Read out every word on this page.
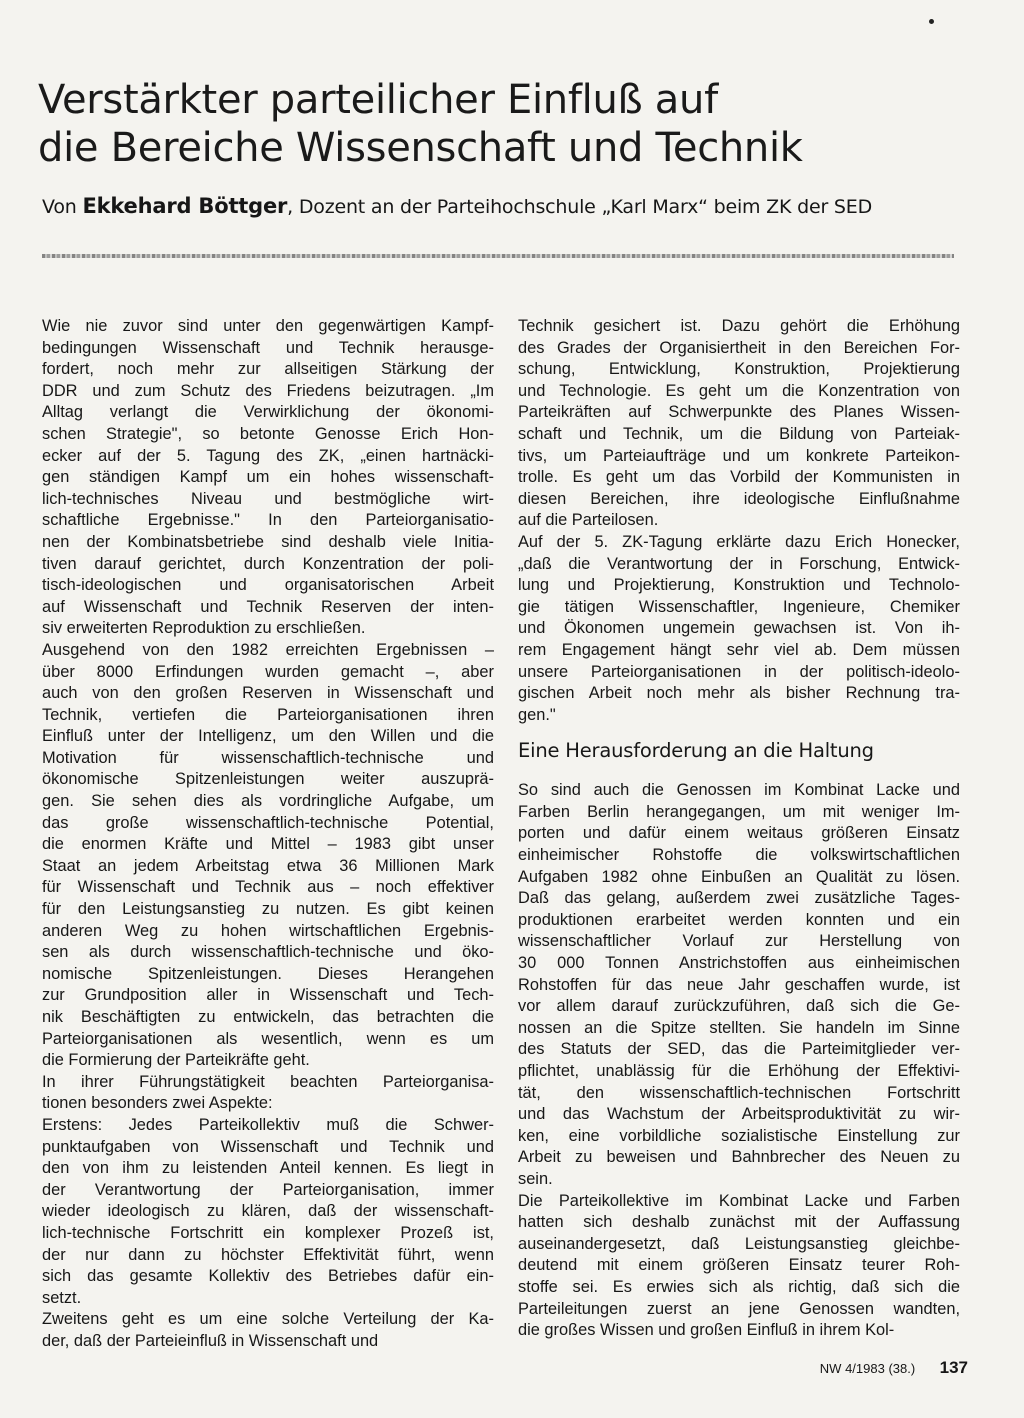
Verstärkter parteilicher Einfluß auf
die Bereiche Wissenschaft und Technik
Von Ekkehard Böttger, Dozent an der Parteihochschule „Karl Marx“ beim ZK der SED
Wie nie zuvor sind unter den gegenwärtigen Kampf-
bedingungen Wissenschaft und Technik herausge-
fordert, noch mehr zur allseitigen Stärkung der
DDR und zum Schutz des Friedens beizutragen. „Im
Alltag verlangt die Verwirklichung der ökonomi-
schen Strategie", so betonte Genosse Erich Hon-
ecker auf der 5. Tagung des ZK, „einen hartnäcki-
gen ständigen Kampf um ein hohes wissenschaft-
lich-technisches Niveau und bestmögliche wirt-
schaftliche Ergebnisse." In den Parteiorganisatio-
nen der Kombinatsbetriebe sind deshalb viele Initia-
tiven darauf gerichtet, durch Konzentration der poli-
tisch-ideologischen und organisatorischen Arbeit
auf Wissenschaft und Technik Reserven der inten-
siv erweiterten Reproduktion zu erschließen.
Ausgehend von den 1982 erreichten Ergebnissen –
über 8000 Erfindungen wurden gemacht –, aber
auch von den großen Reserven in Wissenschaft und
Technik, vertiefen die Parteiorganisationen ihren
Einfluß unter der Intelligenz, um den Willen und die
Motivation für wissenschaftlich-technische und
ökonomische Spitzenleistungen weiter auszuprä-
gen. Sie sehen dies als vordringliche Aufgabe, um
das große wissenschaftlich-technische Potential,
die enormen Kräfte und Mittel – 1983 gibt unser
Staat an jedem Arbeitstag etwa 36 Millionen Mark
für Wissenschaft und Technik aus – noch effektiver
für den Leistungsanstieg zu nutzen. Es gibt keinen
anderen Weg zu hohen wirtschaftlichen Ergebnis-
sen als durch wissenschaftlich-technische und öko-
nomische Spitzenleistungen. Dieses Herangehen
zur Grundposition aller in Wissenschaft und Tech-
nik Beschäftigten zu entwickeln, das betrachten die
Parteiorganisationen als wesentlich, wenn es um
die Formierung der Parteikräfte geht.
In ihrer Führungstätigkeit beachten Parteiorganisa-
tionen besonders zwei Aspekte:
Erstens: Jedes Parteikollektiv muß die Schwer-
punktaufgaben von Wissenschaft und Technik und
den von ihm zu leistenden Anteil kennen. Es liegt in
der Verantwortung der Parteiorganisation, immer
wieder ideologisch zu klären, daß der wissenschaft-
lich-technische Fortschritt ein komplexer Prozeß ist,
der nur dann zu höchster Effektivität führt, wenn
sich das gesamte Kollektiv des Betriebes dafür ein-
setzt.
Zweitens geht es um eine solche Verteilung der Ka-
der, daß der Parteieinfluß in Wissenschaft und
Technik gesichert ist. Dazu gehört die Erhöhung
des Grades der Organisiertheit in den Bereichen For-
schung, Entwicklung, Konstruktion, Projektierung
und Technologie. Es geht um die Konzentration von
Parteikräften auf Schwerpunkte des Planes Wissen-
schaft und Technik, um die Bildung von Parteiak-
tivs, um Parteiaufträge und um konkrete Parteikon-
trolle. Es geht um das Vorbild der Kommunisten in
diesen Bereichen, ihre ideologische Einflußnahme
auf die Parteilosen.
Auf der 5. ZK-Tagung erklärte dazu Erich Honecker,
„daß die Verantwortung der in Forschung, Entwick-
lung und Projektierung, Konstruktion und Technolo-
gie tätigen Wissenschaftler, Ingenieure, Chemiker
und Ökonomen ungemein gewachsen ist. Von ih-
rem Engagement hängt sehr viel ab. Dem müssen
unsere Parteiorganisationen in der politisch-ideolo-
gischen Arbeit noch mehr als bisher Rechnung tra-
gen."
Eine Herausforderung an die Haltung
So sind auch die Genossen im Kombinat Lacke und
Farben Berlin herangegangen, um mit weniger Im-
porten und dafür einem weitaus größeren Einsatz
einheimischer Rohstoffe die volkswirtschaftlichen
Aufgaben 1982 ohne Einbußen an Qualität zu lösen.
Daß das gelang, außerdem zwei zusätzliche Tages-
produktionen erarbeitet werden konnten und ein
wissenschaftlicher Vorlauf zur Herstellung von
30 000 Tonnen Anstrichstoffen aus einheimischen
Rohstoffen für das neue Jahr geschaffen wurde, ist
vor allem darauf zurückzuführen, daß sich die Ge-
nossen an die Spitze stellten. Sie handeln im Sinne
des Statuts der SED, das die Parteimitglieder ver-
pflichtet, unablässig für die Erhöhung der Effektivi-
tät, den wissenschaftlich-technischen Fortschritt
und das Wachstum der Arbeitsproduktivität zu wir-
ken, eine vorbildliche sozialistische Einstellung zur
Arbeit zu beweisen und Bahnbrecher des Neuen zu
sein.
Die Parteikollektive im Kombinat Lacke und Farben
hatten sich deshalb zunächst mit der Auffassung
auseinandergesetzt, daß Leistungsanstieg gleichbe-
deutend mit einem größeren Einsatz teurer Roh-
stoffe sei. Es erwies sich als richtig, daß sich die
Parteileitungen zuerst an jene Genossen wandten,
die großes Wissen und großen Einfluß in ihrem Kol-
NW 4/1983 (38.) 137
